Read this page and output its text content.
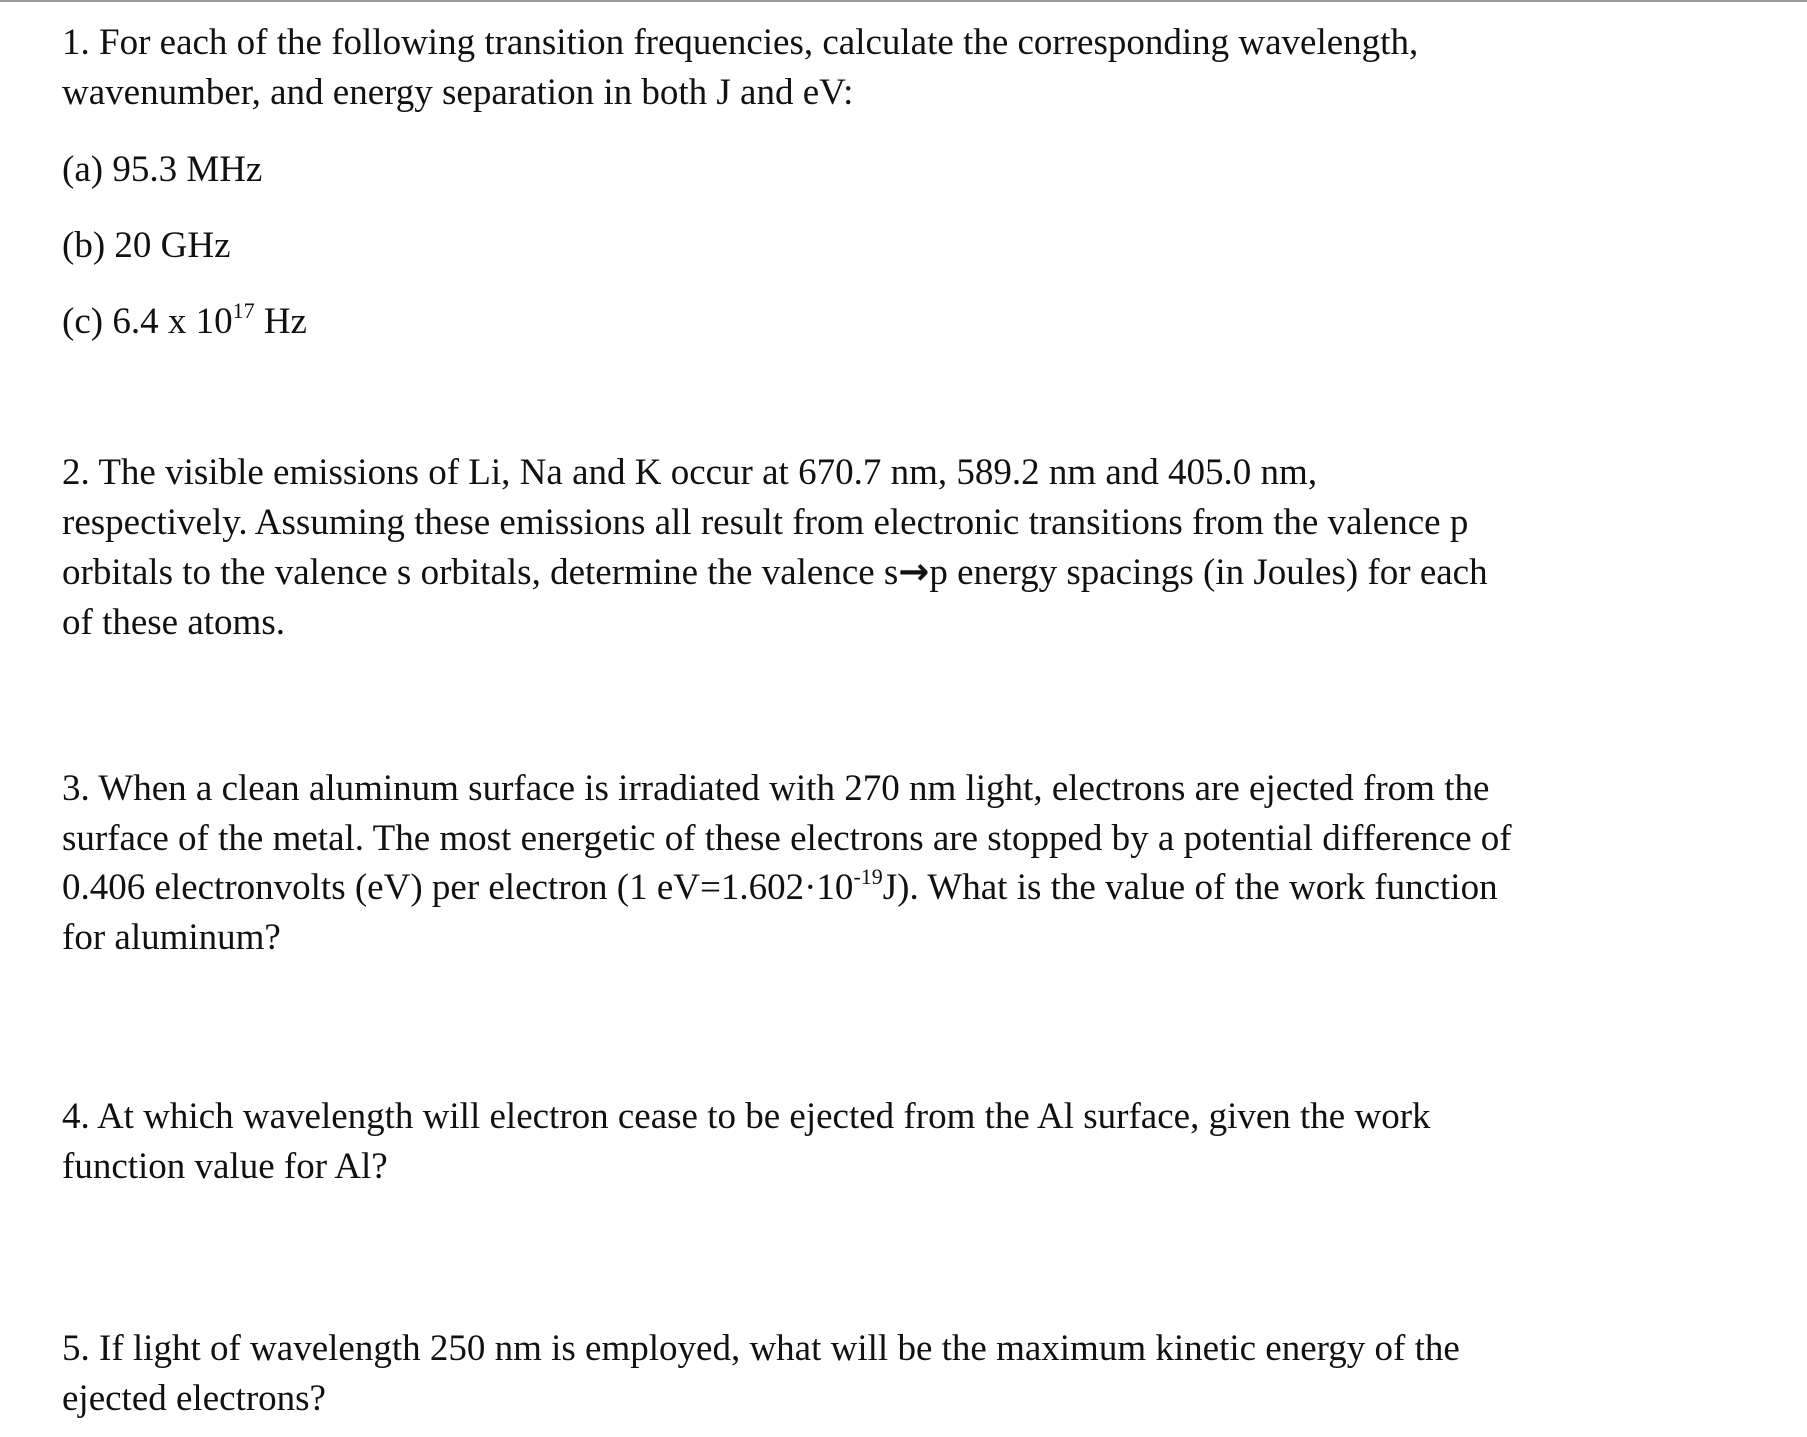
1. For each of the following transition frequencies, calculate the corresponding wavelength,

wavenumber, and energy separation in both J and eV:

(a) 95.3 MHz
(b) 20 GHz
(c) 6.4 x $10^{17}$ Hz

2. The visible emissions of Li, Na and K occur at 670.7 nm, 589.2 nm and 405.0 nm,

respectively. Assuming these emissions all result from electronic transitions from the valence p

orbitals to the valence s orbitals, determine the valence s→p energy spacings (in Joules) for each

of these atoms.

3. When a clean aluminum surface is irradiated with 270 nm light, electrons are ejected from the

surface of the metal. The most energetic of these electrons are stopped by a potential difference of

0.406 electronvolts (eV) per electron (1 $eV=1.602\cdot 10^{-19}J$). What is the value of the work function

for aluminum?

4. At which wavelength will electron cease to be ejected from the Al surface, given the work

function value for Al?

5. If light of wavelength 250 nm is employed, what will be the maximum kinetic energy of the

ejected electrons?
